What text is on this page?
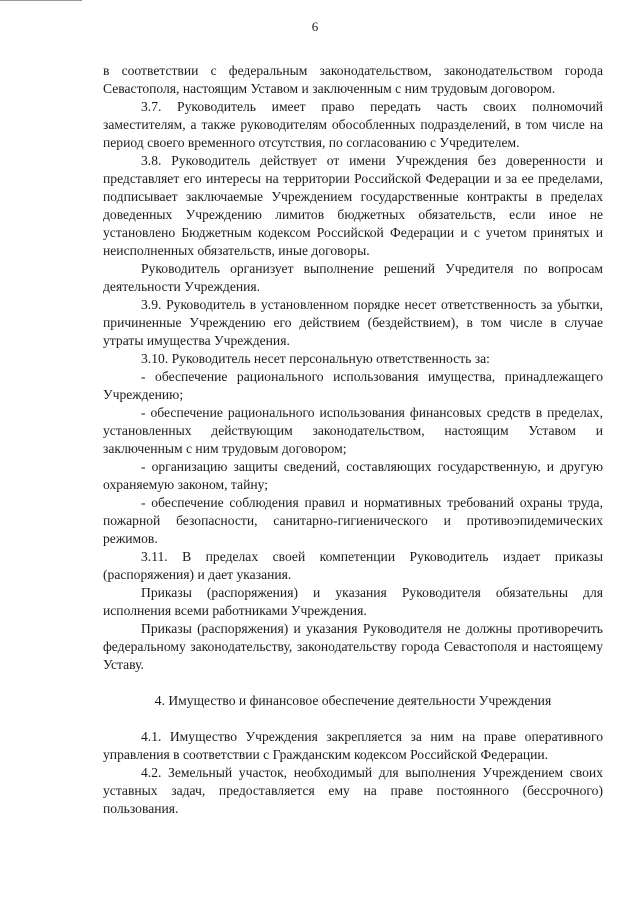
6

в соответствии с федеральным законодательством, законодательством города Севастополя, настоящим Уставом и заключенным с ним трудовым договором.

3.7. Руководитель имеет право передать часть своих полномочий заместителям, а также руководителям обособленных подразделений, в том числе на период своего временного отсутствия, по согласованию с Учредителем.

3.8. Руководитель действует от имени Учреждения без доверенности и представляет его интересы на территории Российской Федерации и за ее пределами, подписывает заключаемые Учреждением государственные контракты в пределах доведенных Учреждению лимитов бюджетных обязательств, если иное не установлено Бюджетным кодексом Российской Федерации и с учетом принятых и неисполненных обязательств, иные договоры.

Руководитель организует выполнение решений Учредителя по вопросам деятельности Учреждения.

3.9. Руководитель в установленном порядке несет ответственность за убытки, причиненные Учреждению его действием (бездействием), в том числе в случае утраты имущества Учреждения.

3.10. Руководитель несет персональную ответственность за:

- обеспечение рационального использования имущества, принадлежащего Учреждению;

- обеспечение рационального использования финансовых средств в пределах, установленных действующим законодательством, настоящим Уставом и заключенным с ним трудовым договором;

- организацию защиты сведений, составляющих государственную, и другую охраняемую законом, тайну;

- обеспечение соблюдения правил и нормативных требований охраны труда, пожарной безопасности, санитарно-гигиенического и противоэпидемических режимов.

3.11. В пределах своей компетенции Руководитель издает приказы (распоряжения) и дает указания.

Приказы (распоряжения) и указания Руководителя обязательны для исполнения всеми работниками Учреждения.

Приказы (распоряжения) и указания Руководителя не должны противоречить федеральному законодательству, законодательству города Севастополя и настоящему Уставу.

4. Имущество и финансовое обеспечение деятельности Учреждения

4.1. Имущество Учреждения закрепляется за ним на праве оперативного управления в соответствии с Гражданским кодексом Российской Федерации.

4.2. Земельный участок, необходимый для выполнения Учреждением своих уставных задач, предоставляется ему на праве постоянного (бессрочного) пользования.
